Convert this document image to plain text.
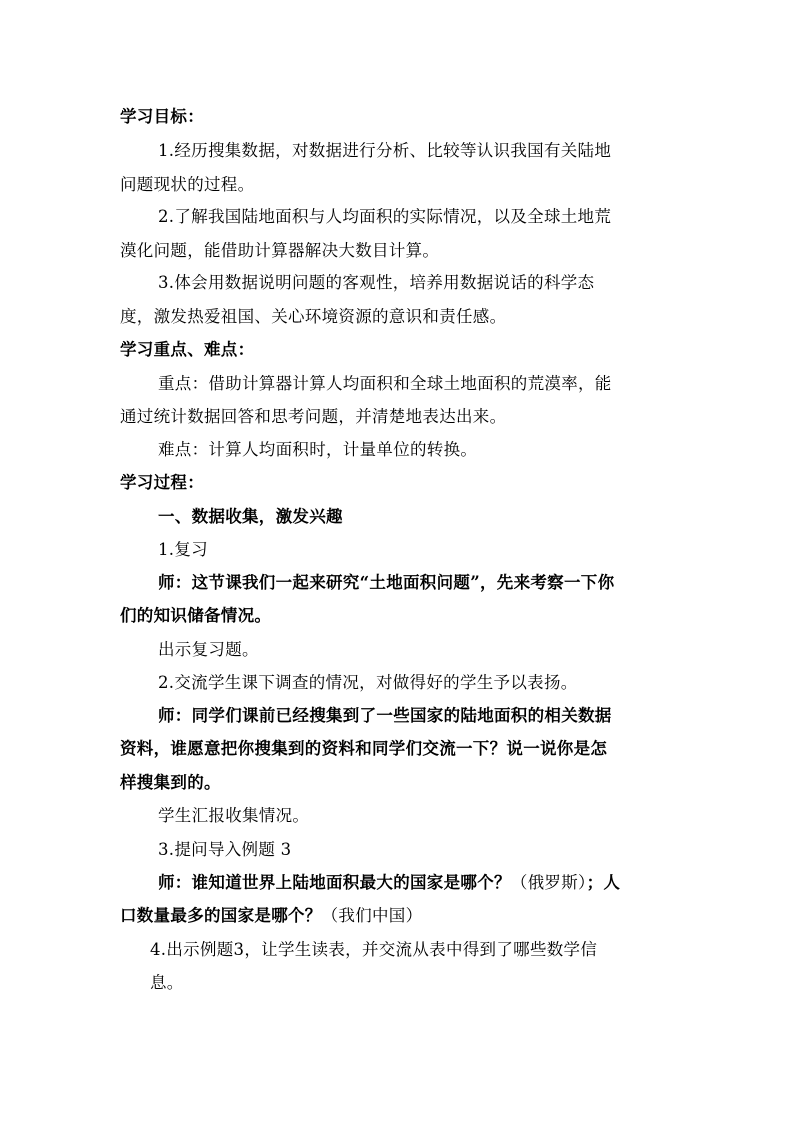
学习目标：
1.经历搜集数据，对数据进行分析、比较等认识我国有关陆地
问题现状的过程。
2.了解我国陆地面积与人均面积的实际情况，以及全球土地荒
漠化问题，能借助计算器解决大数目计算。
3.体会用数据说明问题的客观性，培养用数据说话的科学态
度，激发热爱祖国、关心环境资源的意识和责任感。
学习重点、难点：
重点：借助计算器计算人均面积和全球土地面积的荒漠率，能
通过统计数据回答和思考问题，并清楚地表达出来。
难点：计算人均面积时，计量单位的转换。
学习过程：
一、数据收集，激发兴趣
1.复习
师：这节课我们一起来研究“土地面积问题”，先来考察一下你
们的知识储备情况。
出示复习题。
2.交流学生课下调查的情况，对做得好的学生予以表扬。
师：同学们课前已经搜集到了一些国家的陆地面积的相关数据
资料，谁愿意把你搜集到的资料和同学们交流一下？说一说你是怎
样搜集到的。
学生汇报收集情况。
3.提问导入例题 3
师：谁知道世界上陆地面积最大的国家是哪个？（俄罗斯）；人
口数量最多的国家是哪个？（我们中国）
4.出示例题3，让学生读表，并交流从表中得到了哪些数学信
息。
